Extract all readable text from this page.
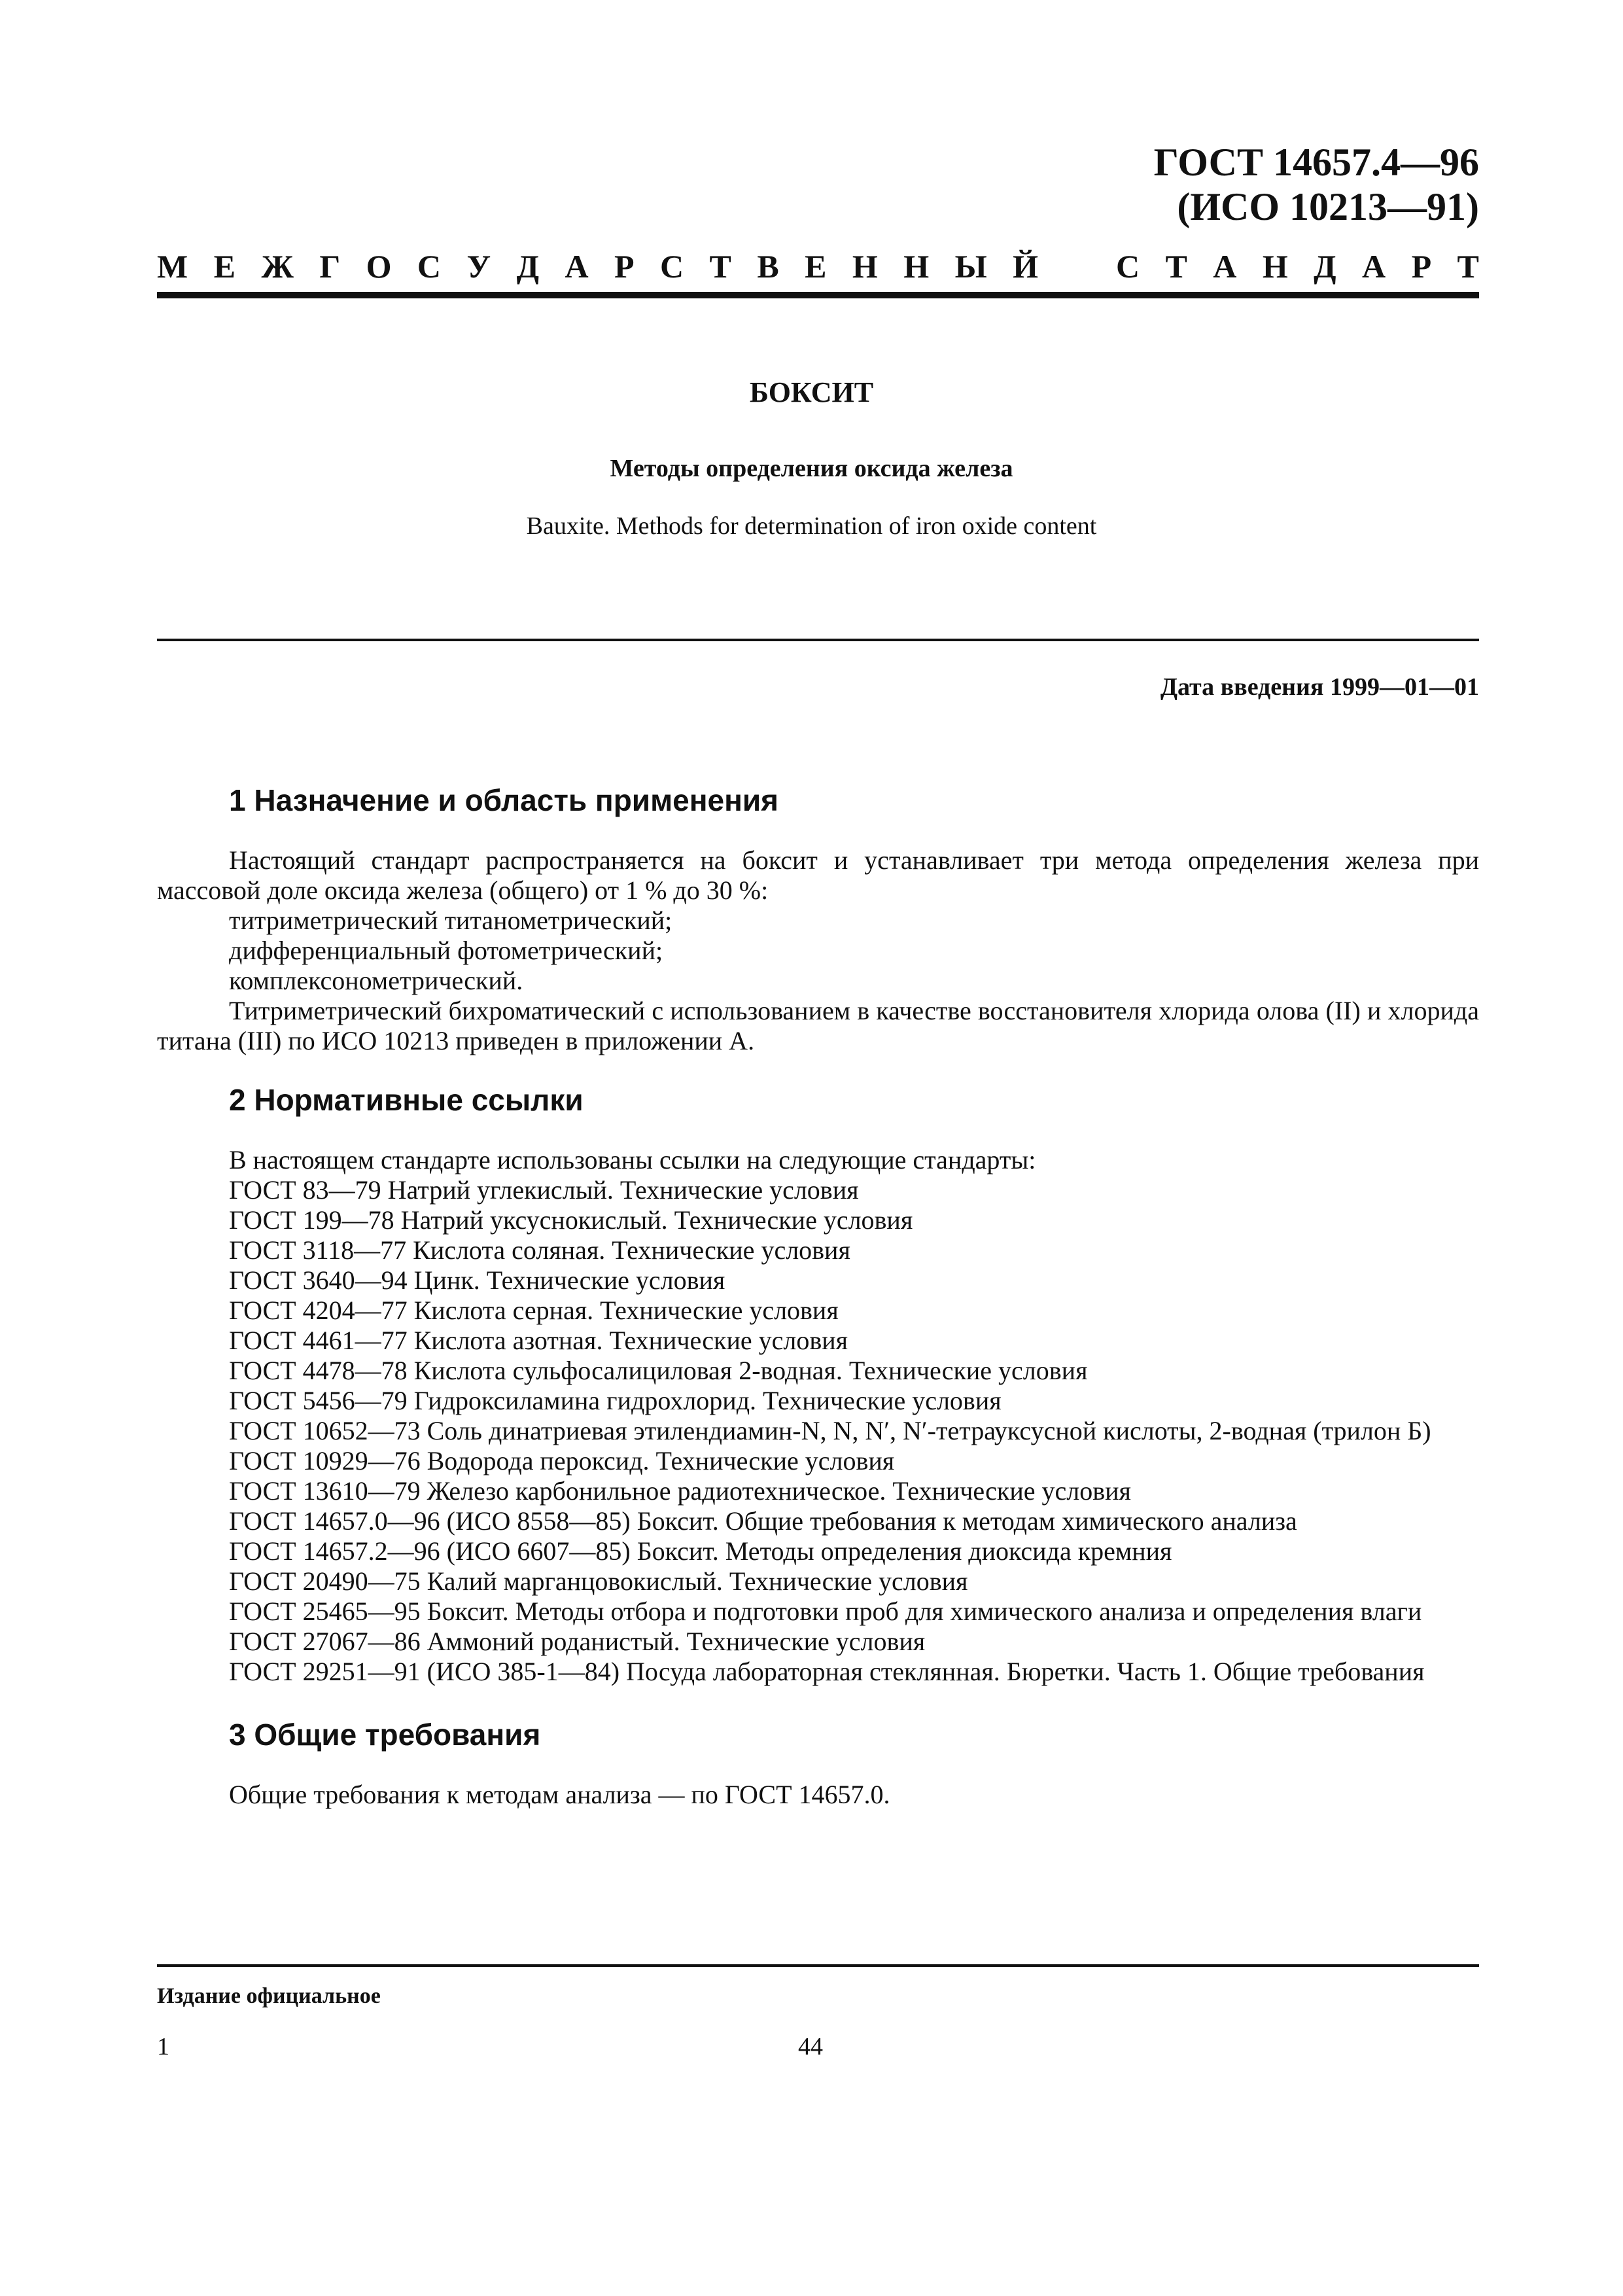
ГОСТ 14657.4—96
(ИСО 10213—91)
М Е Ж Г О С У Д А Р С Т В Е Н Н Ы Й С Т А Н Д А Р Т
БОКСИТ
Методы определения оксида железа
Bauxite. Methods for determination of iron oxide content
Дата введения 1999—01—01
1 Назначение и область применения

Настоящий стандарт распространяется на боксит и устанавливает три метода определения железа при массовой доле оксида железа (общего) от 1 % до 30 %:

титриметрический титанометрический;

дифференциальный фотометрический;

комплексонометрический.

Титриметрический бихроматический с использованием в качестве восстановителя хлорида олова (II) и хлорида титана (III) по ИСО 10213 приведен в приложении А.

2 Нормативные ссылки

В настоящем стандарте использованы ссылки на следующие стандарты:

ГОСТ 83—79 Натрий углекислый. Технические условия

ГОСТ 199—78 Натрий уксуснокислый. Технические условия

ГОСТ 3118—77 Кислота соляная. Технические условия

ГОСТ 3640—94 Цинк. Технические условия

ГОСТ 4204—77 Кислота серная. Технические условия

ГОСТ 4461—77 Кислота азотная. Технические условия

ГОСТ 4478—78 Кислота сульфосалициловая 2-водная. Технические условия

ГОСТ 5456—79 Гидроксиламина гидрохлорид. Технические условия

ГОСТ 10652—73 Соль динатриевая этилендиамин-N, N, N′, N′-тетрауксусной кислоты, 2-водная (трилон Б)

ГОСТ 10929—76 Водорода пероксид. Технические условия

ГОСТ 13610—79 Железо карбонильное радиотехническое. Технические условия

ГОСТ 14657.0—96 (ИСО 8558—85) Боксит. Общие требования к методам химического анализа

ГОСТ 14657.2—96 (ИСО 6607—85) Боксит. Методы определения диоксида кремния

ГОСТ 20490—75 Калий марганцовокислый. Технические условия

ГОСТ 25465—95 Боксит. Методы отбора и подготовки проб для химического анализа и определения влаги

ГОСТ 27067—86 Аммоний роданистый. Технические условия

ГОСТ 29251—91 (ИСО 385-1—84) Посуда лабораторная стеклянная. Бюретки. Часть 1. Общие требования

3 Общие требования

Общие требования к методам анализа — по ГОСТ 14657.0.

Издание официальное
1	44
